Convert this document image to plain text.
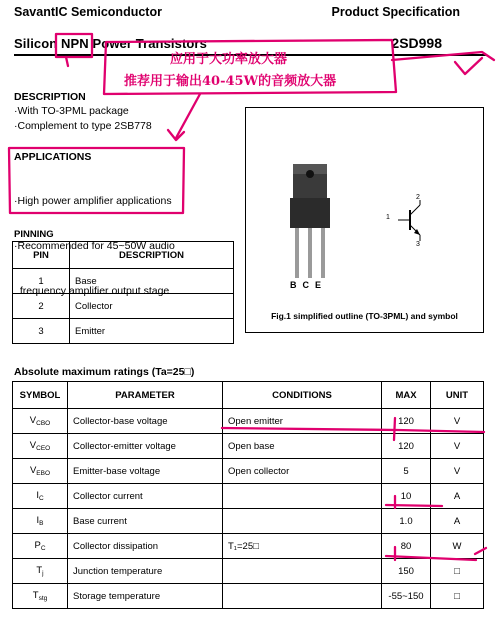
SavantIC Semiconductor	Product Specification
Silicon NPN Power Transistors	2SD998
应用于大功率放大器
推荐用于输出40-45W的音频放大器
DESCRIPTION
·With TO-3PML package
·Complement to type 2SB778
APPLICATIONS

·High power amplifier applications

·Recommended for 45~50W audio

frequency amplifier output stage

PINNING
PIN	DESCRIPTION
1	Base
2	Collector
3	Emitter
BCE
1
2
3
Fig.1 simplified outline (TO-3PML) and symbol
Absolute maximum ratings (Ta=25□)
SYMBOL	PARAMETER	CONDITIONS	MAX	UNIT
$V_{CBO}$	Collector-base voltage	Open emitter	120	V
$V_{CEO}$	Collector-emitter voltage	Open base	120	V
$V_{EBO}$	Emitter-base voltage	Open collector	5	V
$I_C$	Collector current		10	A
$I_B$	Base current		1.0	A
$P_C$	Collector dissipation	T₁=25□	80	W
$T_j$	Junction temperature		150	□
$T_{stg}$	Storage temperature		-55~150	□
